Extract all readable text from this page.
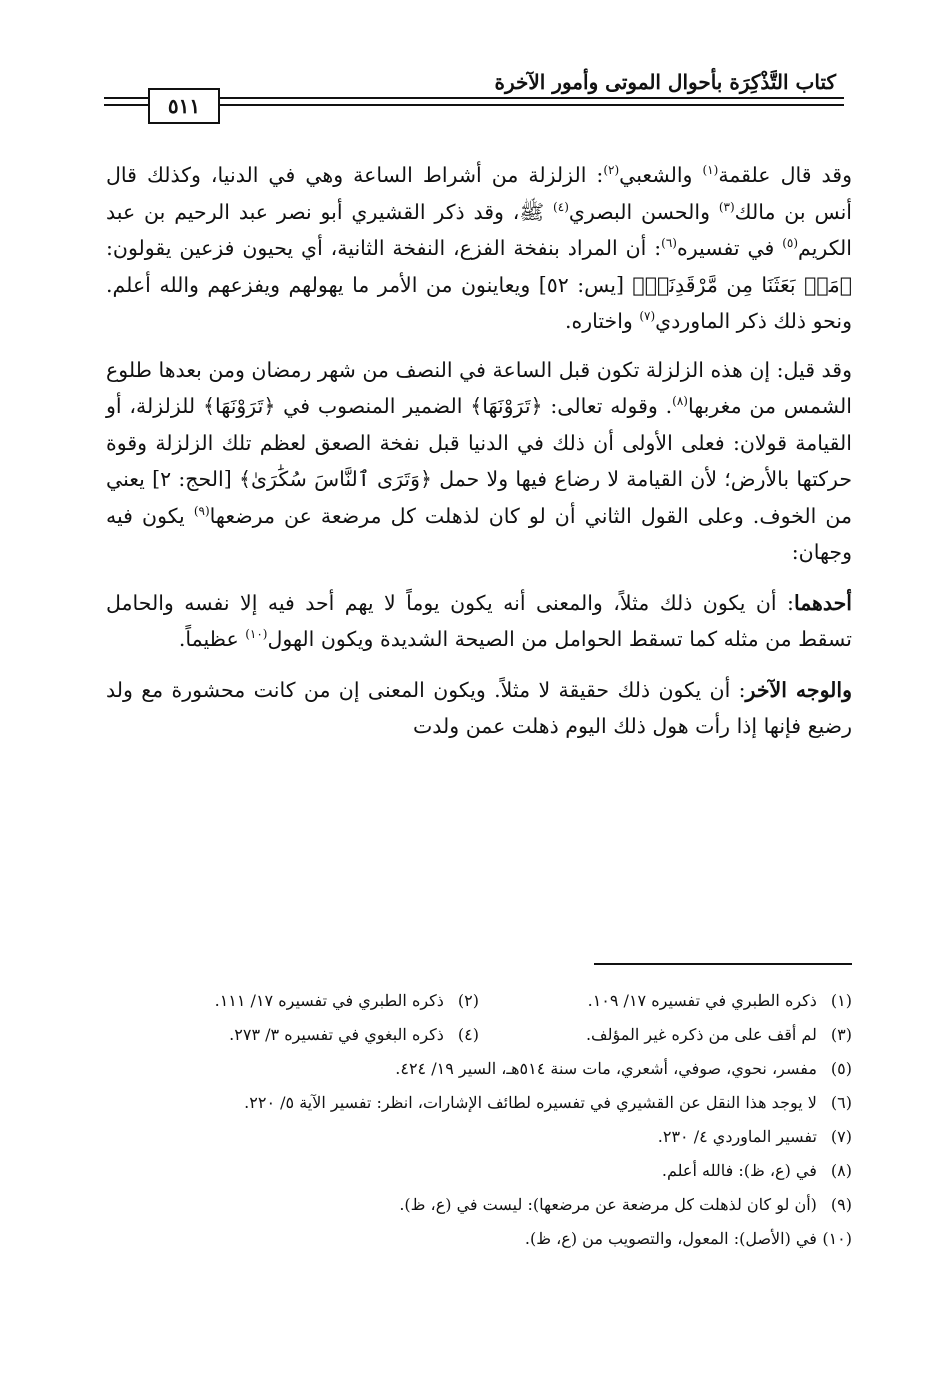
كتاب التَّذْكِرَة بأحوال الموتى وأمور الآخرة
٥١١

وقد قال علقمة$^{(١)}$ والشعبي$^{(٢)}$: الزلزلة من أشراط الساعة وهي في الدنيا، وكذلك قال أنس بن مالك$^{(٣)}$ والحسن البصري$^{(٤)}$ ﷺ، وقد ذكر القشيري أبو نصر عبد الرحيم بن عبد الكريم$^{(٥)}$ في تفسيره$^{(٦)}$: أن المراد بنفخة الفزع، النفخة الثانية، أي يحيون فزعين يقولون: ﴿مَنۢ بَعَثَنَا مِن مَّرْقَدِنَاۜ﴾ [يس: ٥٢] ويعاينون من الأمر ما يهولهم ويفزعهم والله أعلم. ونحو ذلك ذكر الماوردي$^{(٧)}$ واختاره.

وقد قيل: إن هذه الزلزلة تكون قبل الساعة في النصف من شهر رمضان ومن بعدها طلوع الشمس من مغربها$^{(٨)}$. وقوله تعالى: ﴿تَرَوْنَهَا﴾ الضمير المنصوب في ﴿تَرَوْنَهَا﴾ للزلزلة، أو القيامة قولان: فعلى الأولى أن ذلك في الدنيا قبل نفخة الصعق لعظم تلك الزلزلة وقوة حركتها بالأرض؛ لأن القيامة لا رضاع فيها ولا حمل ﴿وَتَرَى ٱلنَّاسَ سُكَٰرَىٰ﴾ [الحج: ٢] يعني من الخوف. وعلى القول الثاني أن لو كان لذهلت كل مرضعة عن مرضعها$^{(٩)}$ يكون فيه وجهان:

أحدهما: أن يكون ذلك مثلاً، والمعنى أنه يكون يوماً لا يهم أحد فيه إلا نفسه والحامل تسقط من مثله كما تسقط الحوامل من الصيحة الشديدة ويكون الهول$^{(١٠)}$ عظيماً.

والوجه الآخر: أن يكون ذلك حقيقة لا مثلاً. ويكون المعنى إن من كانت محشورة مع ولد رضيع فإنها إذا رأت هول ذلك اليوم ذهلت عمن ولدت

(١) ذكره الطبري في تفسيره ١٧/ ١٠٩.
(٢) ذكره الطبري في تفسيره ١٧/ ١١١.
(٣) لم أقف على من ذكره غير المؤلف.
(٤) ذكره البغوي في تفسيره ٣/ ٢٧٣.
(٥) مفسر، نحوي، صوفي، أشعري، مات سنة ٥١٤هـ، السير ١٩/ ٤٢٤.
(٦) لا يوجد هذا النقل عن القشيري في تفسيره لطائف الإشارات، انظر: تفسير الآية ٥/ ٢٢٠.
(٧) تفسير الماوردي ٤/ ٢٣٠.
(٨) في (ع، ظ): فالله أعلم.
(٩) (أن لو كان لذهلت كل مرضعة عن مرضعها): ليست في (ع، ظ).
(١٠) في (الأصل): المعول، والتصويب من (ع، ظ).
